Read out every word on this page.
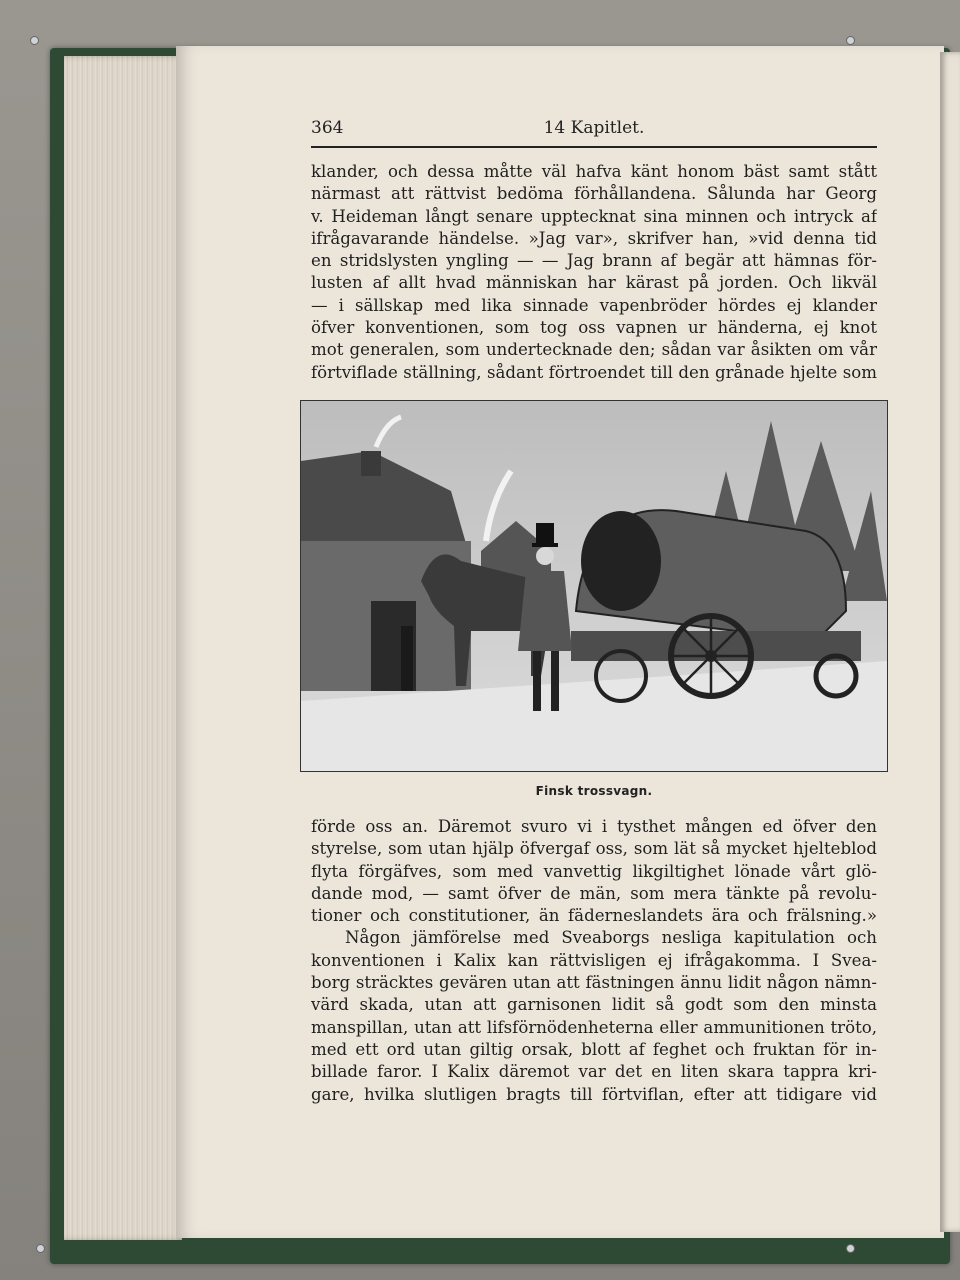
364	14 Kapitlet.
klander, och dessa måtte väl hafva känt honom bäst samt stått
närmast att rättvist bedöma förhållandena. Sålunda har Georg
v. Heideman långt senare upptecknat sina minnen och intryck af
ifrågavarande händelse. »Jag var», skrifver han, »vid denna tid
en stridslysten yngling — — Jag brann af begär att hämnas för-
lusten af allt hvad människan har kärast på jorden. Och likväl
— i sällskap med lika sinnade vapenbröder hördes ej klander
öfver konventionen, som tog oss vapnen ur händerna, ej knot
mot generalen, som undertecknade den; sådan var åsikten om vår
förtviflade ställning, sådant förtroendet till den grånade hjelte som
Finsk trossvagn.
förde oss an. Däremot svuro vi i tysthet mången ed öfver den
styrelse, som utan hjälp öfvergaf oss, som lät så mycket hjelteblod
flyta förgäfves, som med vanvettig likgiltighet lönade vårt glö-
dande mod, — samt öfver de män, som mera tänkte på revolu-
tioner och constitutioner, än fäderneslandets ära och frälsning.»
Någon jämförelse med Sveaborgs nesliga kapitulation och
konventionen i Kalix kan rättvisligen ej ifrågakomma. I Svea-
borg sträcktes gevären utan att fästningen ännu lidit någon nämn-
värd skada, utan att garnisonen lidit så godt som den minsta
manspillan, utan att lifsförnödenheterna eller ammunitionen tröto,
med ett ord utan giltig orsak, blott af feghet och fruktan för in-
billade faror. I Kalix däremot var det en liten skara tappra kri-
gare, hvilka slutligen bragts till förtviflan, efter att tidigare vid
